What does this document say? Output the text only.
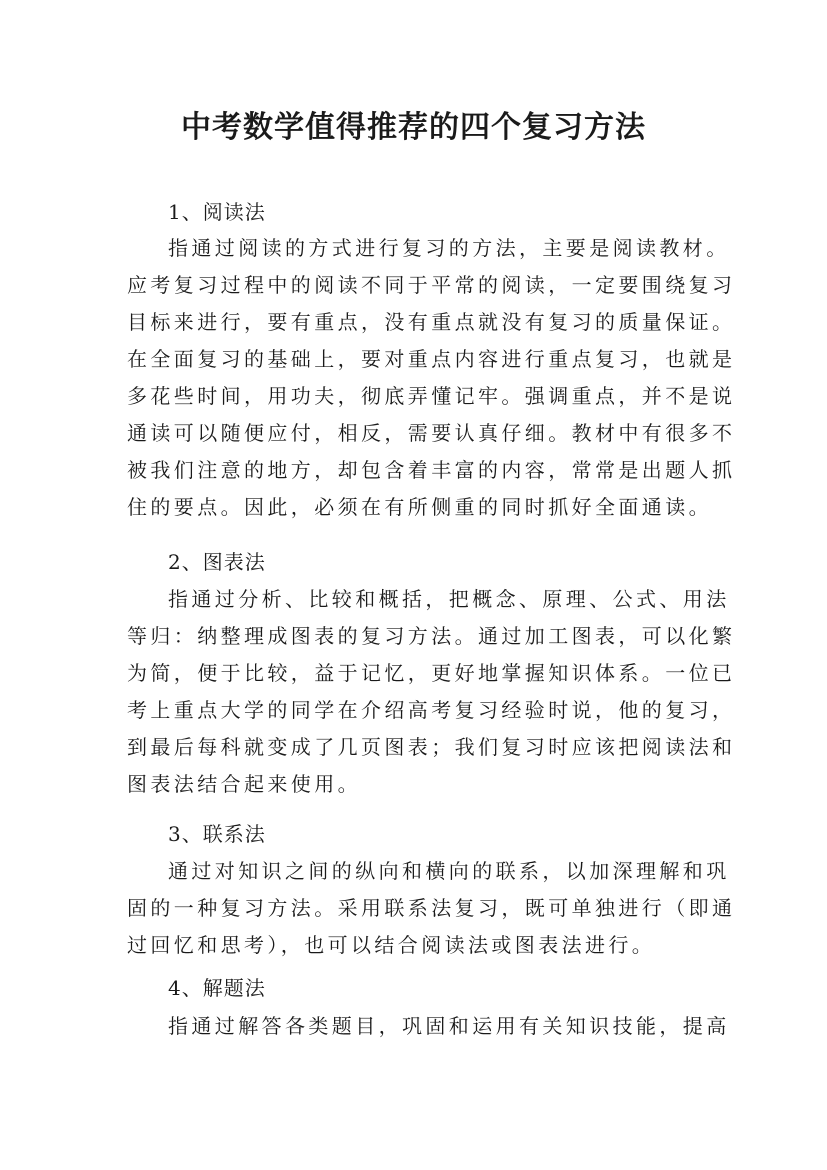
中考数学值得推荐的四个复习方法
1、阅读法
指通过阅读的方式进行复习的方法，主要是阅读教材。
应考复习过程中的阅读不同于平常的阅读，一定要围绕复习
目标来进行，要有重点，没有重点就没有复习的质量保证。
在全面复习的基础上，要对重点内容进行重点复习，也就是
多花些时间，用功夫，彻底弄懂记牢。强调重点，并不是说
通读可以随便应付，相反，需要认真仔细。教材中有很多不
被我们注意的地方，却包含着丰富的内容，常常是出题人抓
住的要点。因此，必须在有所侧重的同时抓好全面通读。
2、图表法
指通过分析、比较和概括，把概念、原理、公式、用法
等归：纳整理成图表的复习方法。通过加工图表，可以化繁
为简，便于比较，益于记忆，更好地掌握知识体系。一位已
考上重点大学的同学在介绍高考复习经验时说，他的复习，
到最后每科就变成了几页图表；我们复习时应该把阅读法和
图表法结合起来使用。
3、联系法
通过对知识之间的纵向和横向的联系，以加深理解和巩
固的一种复习方法。采用联系法复习，既可单独进行（即通
过回忆和思考），也可以结合阅读法或图表法进行。
4、解题法
指通过解答各类题目，巩固和运用有关知识技能，提高
